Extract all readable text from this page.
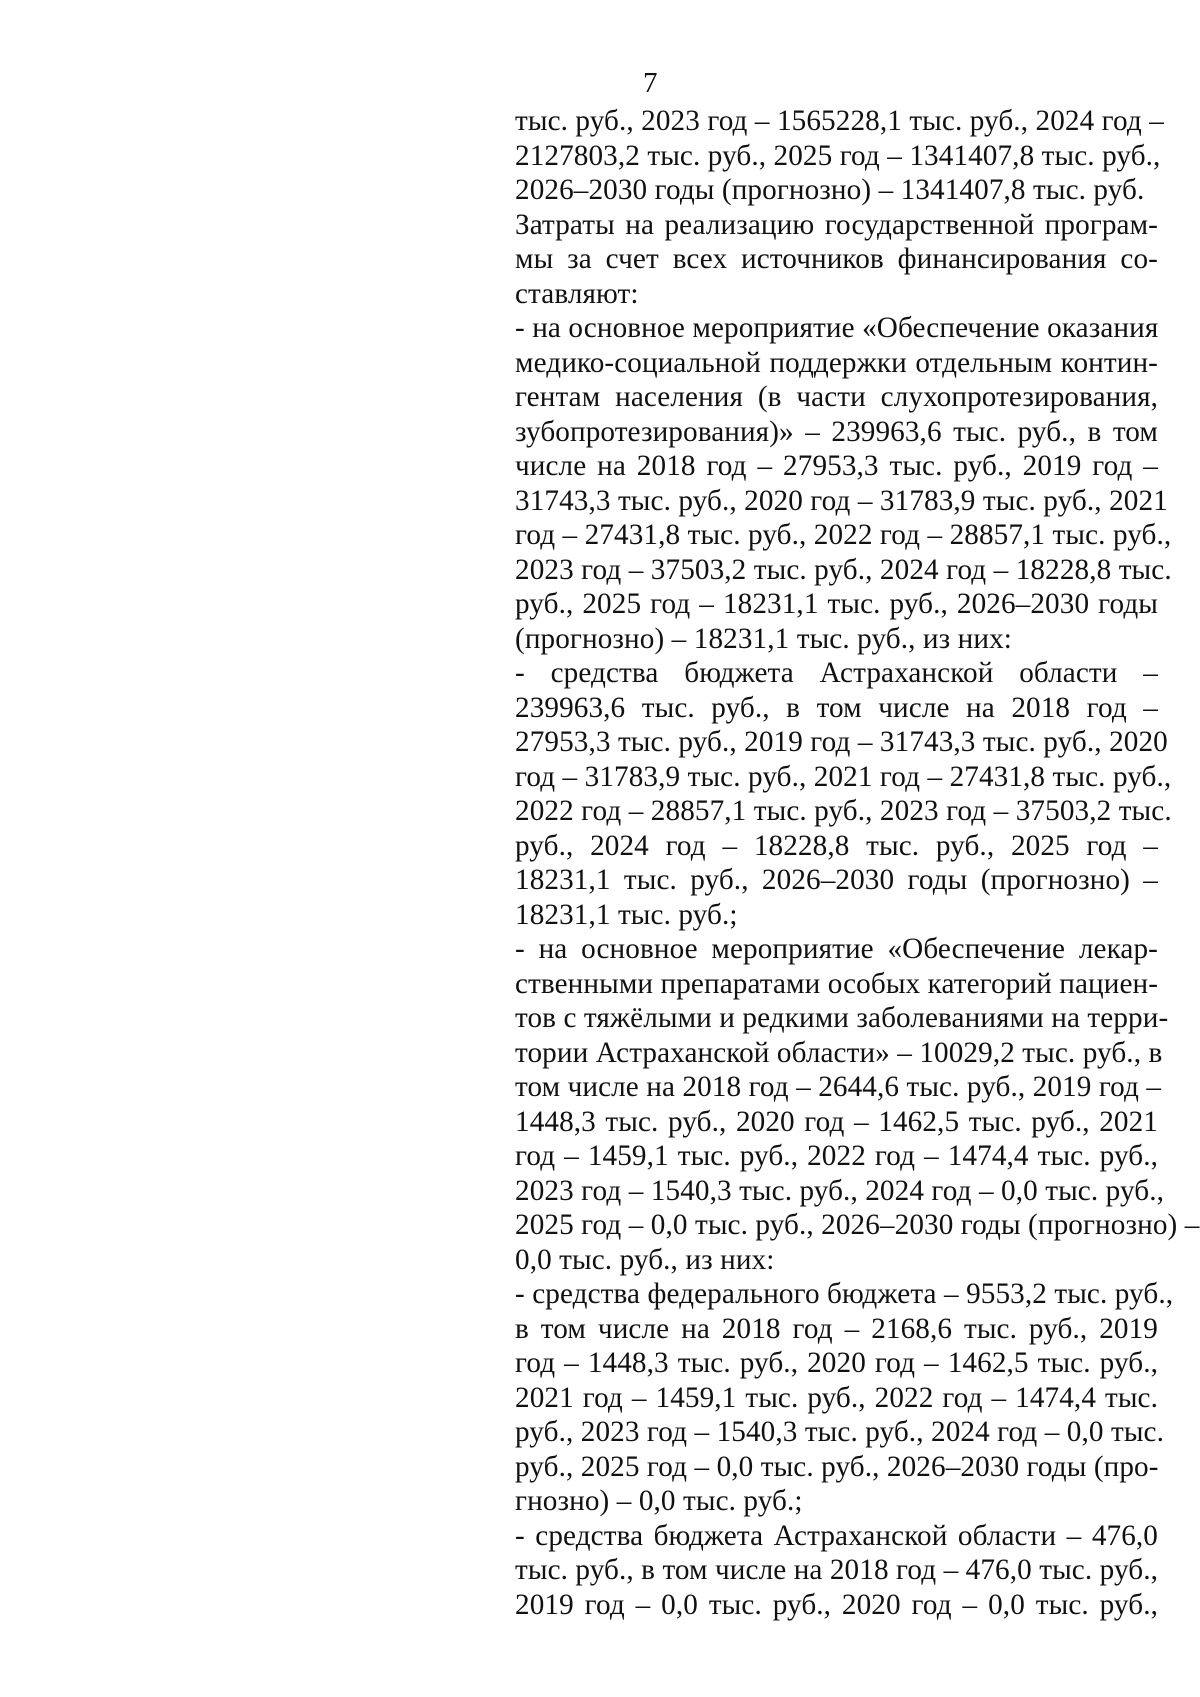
7
тыс. руб., 2023 год – 1565228,1 тыс. руб., 2024 год –
2127803,2 тыс. руб., 2025 год – 1341407,8 тыс. руб.,
2026–2030 годы (прогнозно) – 1341407,8 тыс. руб.
Затраты на реализацию государственной програм-
мы за счет всех источников финансирования со-
ставляют:
- на основное мероприятие «Обеспечение оказания
медико-социальной поддержки отдельным контин-
гентам населения (в части слухопротезирования,
зубопротезирования)» – 239963,6 тыс. руб., в том
числе на 2018 год – 27953,3 тыс. руб., 2019 год –
31743,3 тыс. руб., 2020 год – 31783,9 тыс. руб., 2021
год – 27431,8 тыс. руб., 2022 год – 28857,1 тыс. руб.,
2023 год – 37503,2 тыс. руб., 2024 год – 18228,8 тыс.
руб., 2025 год – 18231,1 тыс. руб., 2026–2030 годы
(прогнозно) – 18231,1 тыс. руб., из них:
- средства бюджета Астраханской области –
239963,6 тыс. руб., в том числе на 2018 год –
27953,3 тыс. руб., 2019 год – 31743,3 тыс. руб., 2020
год – 31783,9 тыс. руб., 2021 год – 27431,8 тыс. руб.,
2022 год – 28857,1 тыс. руб., 2023 год – 37503,2 тыс.
руб., 2024 год – 18228,8 тыс. руб., 2025 год –
18231,1 тыс. руб., 2026–2030 годы (прогнозно) –
18231,1 тыс. руб.;
- на основное мероприятие «Обеспечение лекар-
ственными препаратами особых категорий пациен-
тов с тяжёлыми и редкими заболеваниями на терри-
тории Астраханской области» – 10029,2 тыс. руб., в
том числе на 2018 год – 2644,6 тыс. руб., 2019 год –
1448,3 тыс. руб., 2020 год – 1462,5 тыс. руб., 2021
год – 1459,1 тыс. руб., 2022 год – 1474,4 тыс. руб.,
2023 год – 1540,3 тыс. руб., 2024 год – 0,0 тыс. руб.,
2025 год – 0,0 тыс. руб., 2026–2030 годы (прогнозно) –
0,0 тыс. руб., из них:
- средства федерального бюджета – 9553,2 тыс. руб.,
в том числе на 2018 год – 2168,6 тыс. руб., 2019
год – 1448,3 тыс. руб., 2020 год – 1462,5 тыс. руб.,
2021 год – 1459,1 тыс. руб., 2022 год – 1474,4 тыс.
руб., 2023 год – 1540,3 тыс. руб., 2024 год – 0,0 тыс.
руб., 2025 год – 0,0 тыс. руб., 2026–2030 годы (про-
гнозно) – 0,0 тыс. руб.;
- средства бюджета Астраханской области – 476,0
тыс. руб., в том числе на 2018 год – 476,0 тыс. руб.,
2019 год – 0,0 тыс. руб., 2020 год – 0,0 тыс. руб.,
